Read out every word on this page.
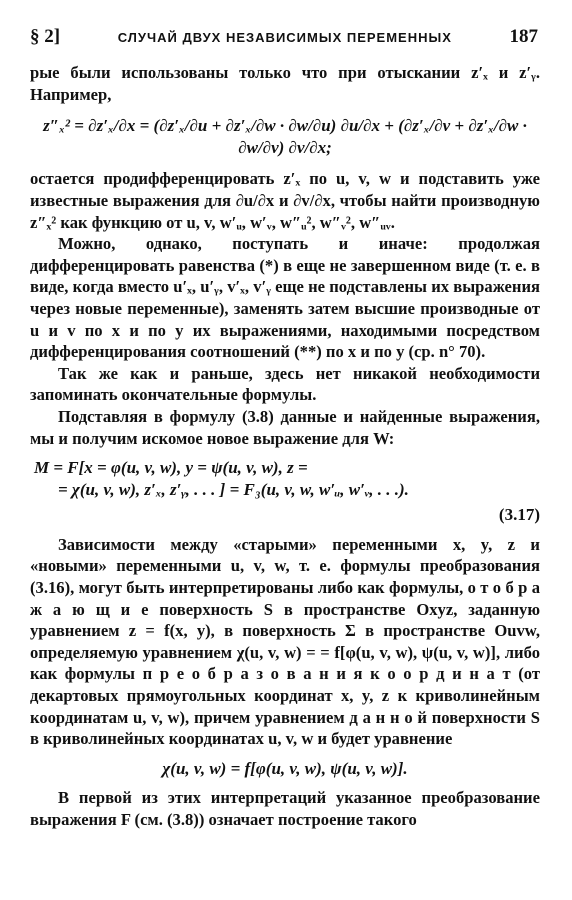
§ 2]	СЛУЧАЙ ДВУХ НЕЗАВИСИМЫХ ПЕРЕМЕННЫХ	187

рые были использованы только что при отыскании z′ₓ и z′ᵧ. Например,

z″ₓ² = ∂z′ₓ/∂x = (∂z′ₓ/∂u + ∂z′ₓ/∂w · ∂w/∂u) ∂u/∂x + (∂z′ₓ/∂v + ∂z′ₓ/∂w · ∂w/∂v) ∂v/∂x;

остается продифференцировать z′ₓ по u, v, w и подставить уже известные выражения для ∂u/∂x и ∂v/∂x, чтобы найти производную z″ₓ² как функцию от u, v, w′ᵤ, w′ᵥ, w″ᵤ², w″ᵥ², w″ᵤᵥ.

Можно, однако, поступать и иначе: продолжая дифференцировать равенства (*) в еще не завершенном виде (т. е. в виде, когда вместо u′ₓ, u′ᵧ, v′ₓ, v′ᵧ еще не подставлены их выражения через новые переменные), заменять затем высшие производные от u и v по x и по y их выражениями, находимыми посредством дифференцирования соотношений (**) по x и по y (ср. n° 70).

Так же как и раньше, здесь нет никакой необходимости запоминать окончательные формулы.

Подставляя в формулу (3.8) данные и найденные выражения, мы и получим искомое новое выражение для W:

M = F[x = φ(u, v, w), y = ψ(u, v, w), z =
= χ(u, v, w), z′ₓ, z′ᵧ, . . . ] = F₃(u, v, w, w′ᵤ, w′ᵥ, . . .).
(3.17)

Зависимости между «старыми» переменными x, y, z и «новыми» переменными u, v, w, т. е. формулы преобразования (3.16), могут быть интерпретированы либо как формулы, о т о б р а ж а ю щ и е поверхность S в пространстве Oxyz, заданную уравнением z = f(x, y), в поверхность Σ в пространстве Ouvw, определяемую уравнением χ(u, v, w) = = f[φ(u, v, w), ψ(u, v, w)], либо как формулы п р е о б р а з о в а н и я к о о р д и н а т (от декартовых прямоугольных координат x, y, z к криволинейным координатам u, v, w), причем уравнением д а н н о й поверхности S в криволинейных координатах u, v, w и будет уравнение

χ(u, v, w) = f[φ(u, v, w), ψ(u, v, w)].

В первой из этих интерпретаций указанное преобразование выражения F (см. (3.8)) означает построение такого
